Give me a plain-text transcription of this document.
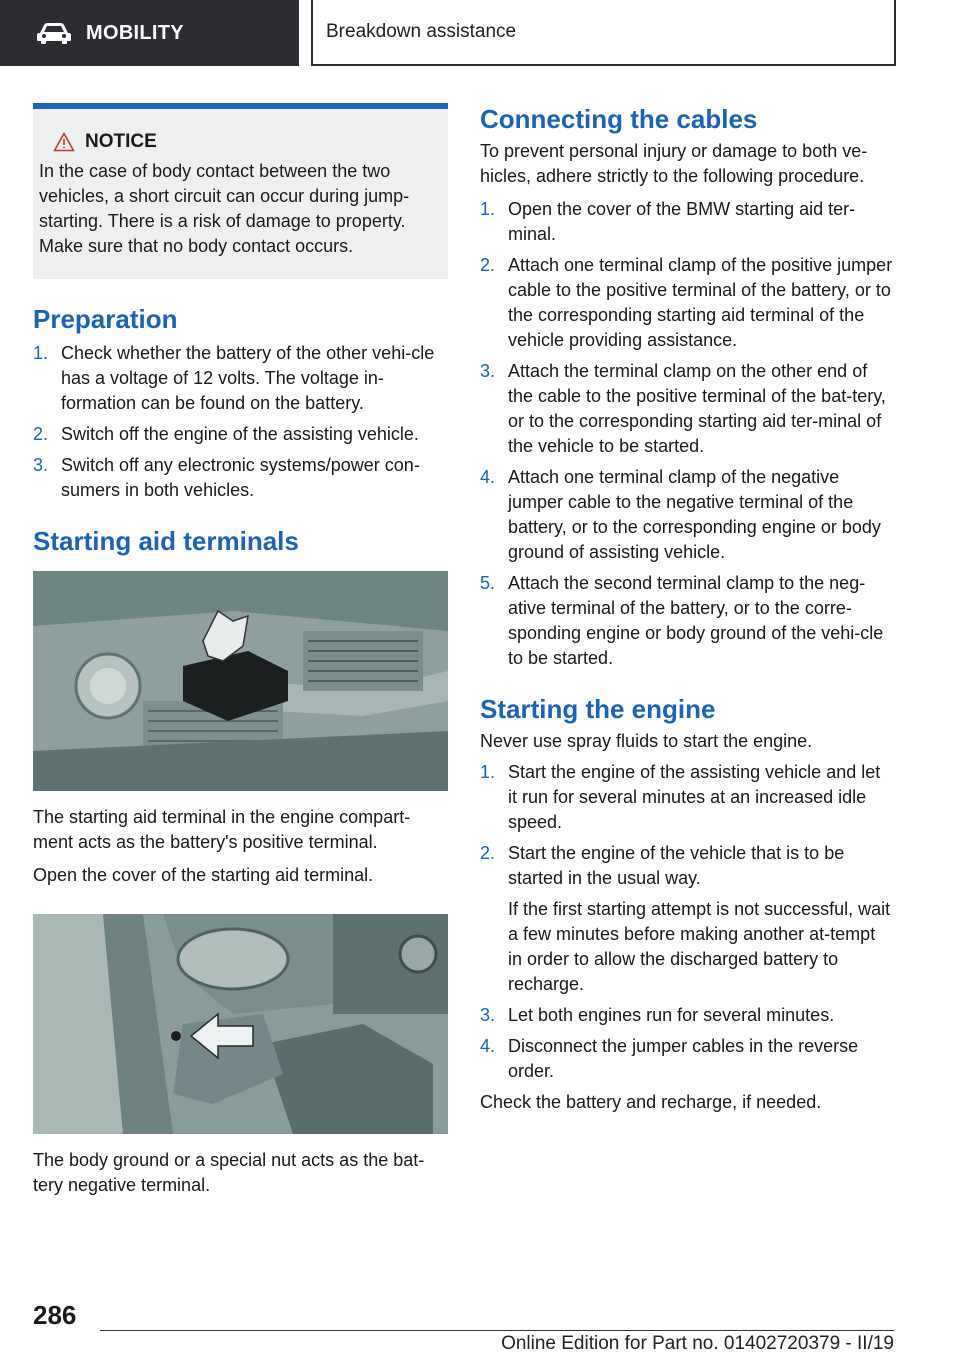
MOBILITY	Breakdown assistance
NOTICE

In the case of body contact between the two vehicles, a short circuit can occur during jump-starting. There is a risk of damage to property. Make sure that no body contact occurs.

Preparation
1. Check whether the battery of the other vehi-cle has a voltage of 12 volts. The voltage in-formation can be found on the battery.
2. Switch off the engine of the assisting vehicle.
3. Switch off any electronic systems/power con-sumers in both vehicles.
Starting aid terminals

The starting aid terminal in the engine compart-ment acts as the battery's positive terminal.

Open the cover of the starting aid terminal.

The body ground or a special nut acts as the bat-tery negative terminal.

Connecting the cables

To prevent personal injury or damage to both ve-hicles, adhere strictly to the following procedure.

1. Open the cover of the BMW starting aid ter-minal.
2. Attach one terminal clamp of the positive jumper cable to the positive terminal of the battery, or to the corresponding starting aid terminal of the vehicle providing assistance.
3. Attach the terminal clamp on the other end of the cable to the positive terminal of the bat-tery, or to the corresponding starting aid ter-minal of the vehicle to be started.
4. Attach one terminal clamp of the negative jumper cable to the negative terminal of the battery, or to the corresponding engine or body ground of assisting vehicle.
5. Attach the second terminal clamp to the neg-ative terminal of the battery, or to the corre-sponding engine or body ground of the vehi-cle to be started.
Starting the engine

Never use spray fluids to start the engine.

1. Start the engine of the assisting vehicle and let it run for several minutes at an increased idle speed.
2. Start the engine of the vehicle that is to be started in the usual way.
If the first starting attempt is not successful, wait a few minutes before making another at-tempt in order to allow the discharged battery to recharge.
3. Let both engines run for several minutes.
4. Disconnect the jumper cables in the reverse order.

Check the battery and recharge, if needed.

286
Online Edition for Part no. 01402720379 - II/19
